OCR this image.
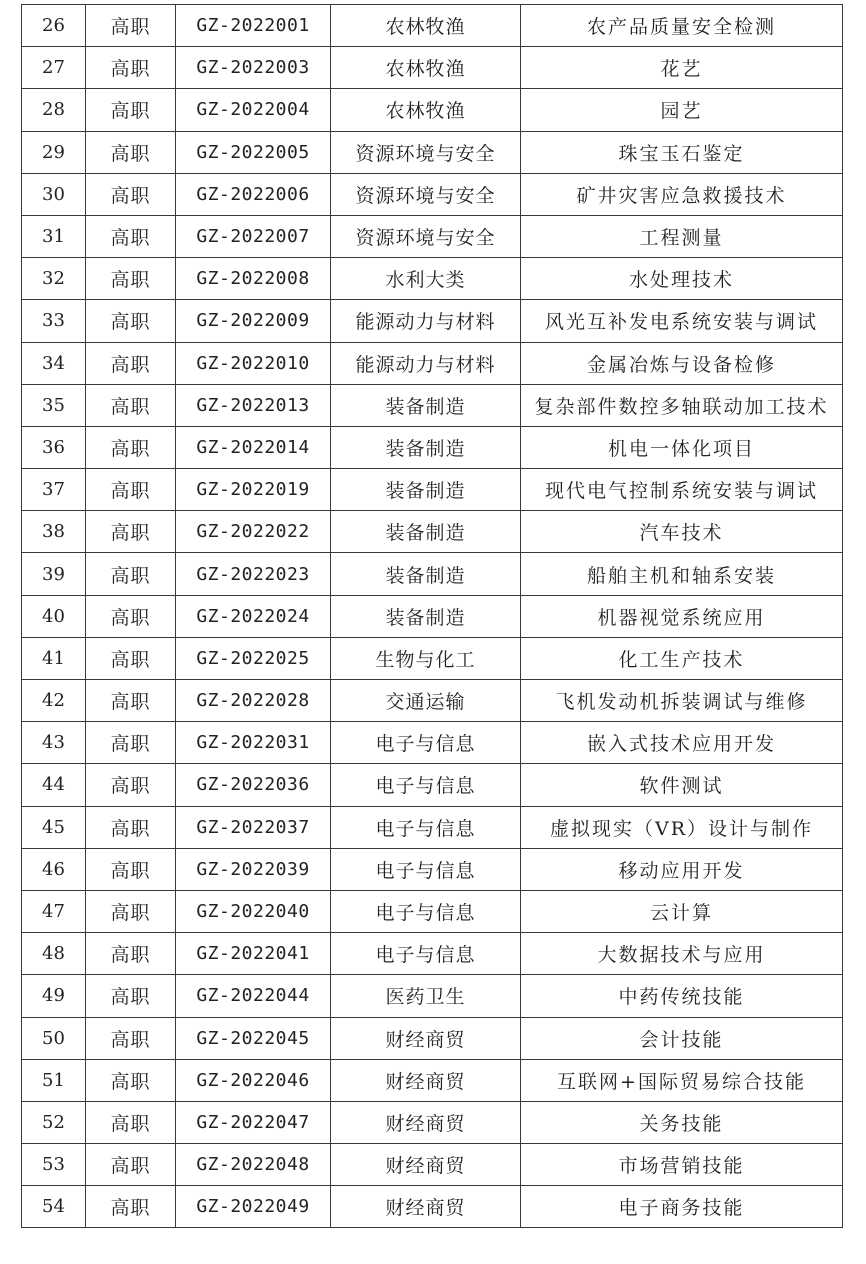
26	高职	GZ-2022001	农林牧渔	农产品质量安全检测
27	高职	GZ-2022003	农林牧渔	花艺
28	高职	GZ-2022004	农林牧渔	园艺
29	高职	GZ-2022005	资源环境与安全	珠宝玉石鉴定
30	高职	GZ-2022006	资源环境与安全	矿井灾害应急救援技术
31	高职	GZ-2022007	资源环境与安全	工程测量
32	高职	GZ-2022008	水利大类	水处理技术
33	高职	GZ-2022009	能源动力与材料	风光互补发电系统安装与调试
34	高职	GZ-2022010	能源动力与材料	金属冶炼与设备检修
35	高职	GZ-2022013	装备制造	复杂部件数控多轴联动加工技术
36	高职	GZ-2022014	装备制造	机电一体化项目
37	高职	GZ-2022019	装备制造	现代电气控制系统安装与调试
38	高职	GZ-2022022	装备制造	汽车技术
39	高职	GZ-2022023	装备制造	船舶主机和轴系安装
40	高职	GZ-2022024	装备制造	机器视觉系统应用
41	高职	GZ-2022025	生物与化工	化工生产技术
42	高职	GZ-2022028	交通运输	飞机发动机拆装调试与维修
43	高职	GZ-2022031	电子与信息	嵌入式技术应用开发
44	高职	GZ-2022036	电子与信息	软件测试
45	高职	GZ-2022037	电子与信息	虚拟现实（VR）设计与制作
46	高职	GZ-2022039	电子与信息	移动应用开发
47	高职	GZ-2022040	电子与信息	云计算
48	高职	GZ-2022041	电子与信息	大数据技术与应用
49	高职	GZ-2022044	医药卫生	中药传统技能
50	高职	GZ-2022045	财经商贸	会计技能
51	高职	GZ-2022046	财经商贸	互联网+国际贸易综合技能
52	高职	GZ-2022047	财经商贸	关务技能
53	高职	GZ-2022048	财经商贸	市场营销技能
54	高职	GZ-2022049	财经商贸	电子商务技能
